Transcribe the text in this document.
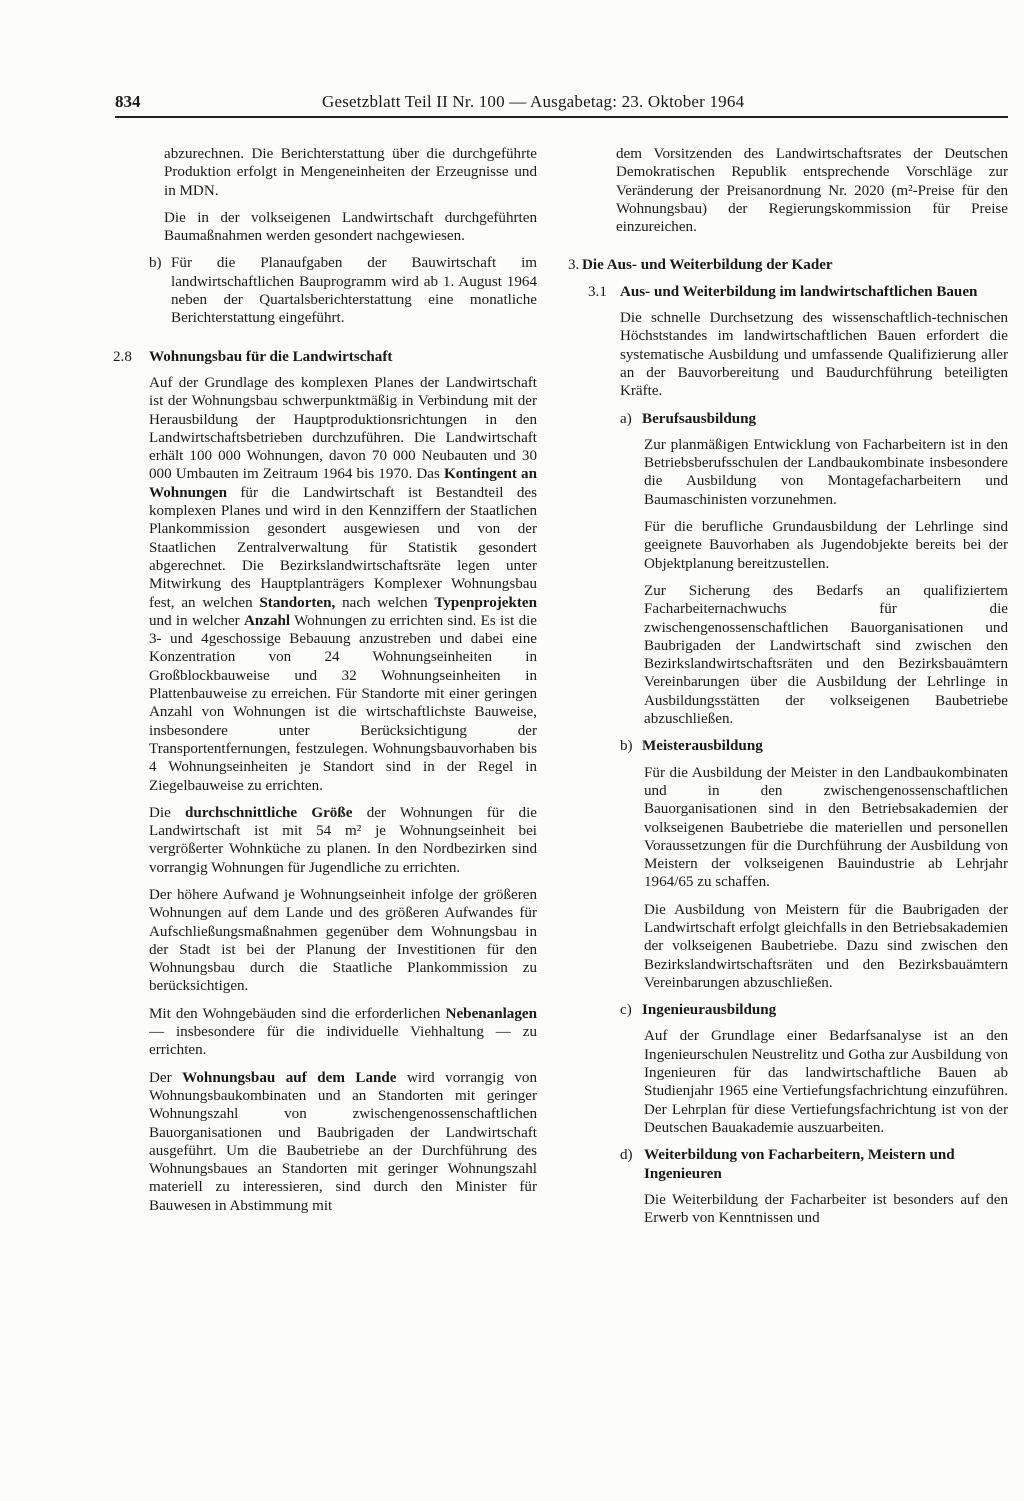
834	Gesetzblatt Teil II Nr. 100 — Ausgabetag: 23. Oktober 1964

abzurechnen. Die Berichterstattung über die durchgeführte Produktion erfolgt in Mengeneinheiten der Erzeugnisse und in MDN.

Die in der volkseigenen Landwirtschaft durchgeführten Baumaßnahmen werden gesondert nachgewiesen.

b) Für die Planaufgaben der Bauwirtschaft im landwirtschaftlichen Bauprogramm wird ab 1. August 1964 neben der Quartalsberichterstattung eine monatliche Berichterstattung eingeführt.
2.8	Wohnungsbau für die Landwirtschaft

Auf der Grundlage des komplexen Planes der Landwirtschaft ist der Wohnungsbau schwerpunktmäßig in Verbindung mit der Herausbildung der Hauptproduktionsrichtungen in den Landwirtschaftsbetrieben durchzuführen. Die Landwirtschaft erhält 100 000 Wohnungen, davon 70 000 Neubauten und 30 000 Umbauten im Zeitraum 1964 bis 1970. Das Kontingent an Wohnungen für die Landwirtschaft ist Bestandteil des komplexen Planes und wird in den Kennziffern der Staatlichen Plankommission gesondert ausgewiesen und von der Staatlichen Zentralverwaltung für Statistik gesondert abgerechnet. Die Bezirkslandwirtschaftsräte legen unter Mitwirkung des Hauptplanträgers Komplexer Wohnungsbau fest, an welchen Standorten, nach welchen Typenprojekten und in welcher Anzahl Wohnungen zu errichten sind. Es ist die 3- und 4geschossige Bebauung anzustreben und dabei eine Konzentration von 24 Wohnungseinheiten in Großblockbauweise und 32 Wohnungseinheiten in Plattenbauweise zu erreichen. Für Standorte mit einer geringen Anzahl von Wohnungen ist die wirtschaftlichste Bauweise, insbesondere unter Berücksichtigung der Transportentfernungen, festzulegen. Wohnungsbauvorhaben bis 4 Wohnungseinheiten je Standort sind in der Regel in Ziegelbauweise zu errichten.

Die durchschnittliche Größe der Wohnungen für die Landwirtschaft ist mit 54 m² je Wohnungseinheit bei vergrößerter Wohnküche zu planen. In den Nordbezirken sind vorrangig Wohnungen für Jugendliche zu errichten.

Der höhere Aufwand je Wohnungseinheit infolge der größeren Wohnungen auf dem Lande und des größeren Aufwandes für Aufschließungsmaßnahmen gegenüber dem Wohnungsbau in der Stadt ist bei der Planung der Investitionen für den Wohnungsbau durch die Staatliche Plankommission zu berücksichtigen.

Mit den Wohngebäuden sind die erforderlichen Nebenanlagen — insbesondere für die individuelle Viehhaltung — zu errichten.

Der Wohnungsbau auf dem Lande wird vorrangig von Wohnungsbaukombinaten und an Standorten mit geringer Wohnungszahl von zwischengenossenschaftlichen Bauorganisationen und Baubrigaden der Landwirtschaft ausgeführt. Um die Baubetriebe an der Durchführung des Wohnungsbaues an Standorten mit geringer Wohnungszahl materiell zu interessieren, sind durch den Minister für Bauwesen in Abstimmung mit

dem Vorsitzenden des Landwirtschaftsrates der Deutschen Demokratischen Republik entsprechende Vorschläge zur Veränderung der Preisanordnung Nr. 2020 (m²-Preise für den Wohnungsbau) der Regierungskommission für Preise einzureichen.

3. Die Aus- und Weiterbildung der Kader
3.1 Aus- und Weiterbildung im landwirtschaftlichen Bauen

Die schnelle Durchsetzung des wissenschaftlich-technischen Höchststandes im landwirtschaftlichen Bauen erfordert die systematische Ausbildung und umfassende Qualifizierung aller an der Bauvorbereitung und Baudurchführung beteiligten Kräfte.

a) Berufsausbildung

Zur planmäßigen Entwicklung von Facharbeitern ist in den Betriebsberufsschulen der Landbaukombinate insbesondere die Ausbildung von Montagefacharbeitern und Baumaschinisten vorzunehmen.

Für die berufliche Grundausbildung der Lehrlinge sind geeignete Bauvorhaben als Jugendobjekte bereits bei der Objektplanung bereitzustellen.

Zur Sicherung des Bedarfs an qualifiziertem Facharbeiternachwuchs für die zwischengenossenschaftlichen Bauorganisationen und Baubrigaden der Landwirtschaft sind zwischen den Bezirkslandwirtschaftsräten und den Bezirksbauämtern Vereinbarungen über die Ausbildung der Lehrlinge in Ausbildungsstätten der volkseigenen Baubetriebe abzuschließen.

b) Meisterausbildung

Für die Ausbildung der Meister in den Landbaukombinaten und in den zwischengenossenschaftlichen Bauorganisationen sind in den Betriebsakademien der volkseigenen Baubetriebe die materiellen und personellen Voraussetzungen für die Durchführung der Ausbildung von Meistern der volkseigenen Bauindustrie ab Lehrjahr 1964/65 zu schaffen.

Die Ausbildung von Meistern für die Baubrigaden der Landwirtschaft erfolgt gleichfalls in den Betriebsakademien der volkseigenen Baubetriebe. Dazu sind zwischen den Bezirkslandwirtschaftsräten und den Bezirksbauämtern Vereinbarungen abzuschließen.

c) Ingenieurausbildung

Auf der Grundlage einer Bedarfsanalyse ist an den Ingenieurschulen Neustrelitz und Gotha zur Ausbildung von Ingenieuren für das landwirtschaftliche Bauen ab Studienjahr 1965 eine Vertiefungsfachrichtung einzuführen. Der Lehrplan für diese Vertiefungsfachrichtung ist von der Deutschen Bauakademie auszuarbeiten.

d) Weiterbildung von Facharbeitern, Meistern und Ingenieuren

Die Weiterbildung der Facharbeiter ist besonders auf den Erwerb von Kenntnissen und
